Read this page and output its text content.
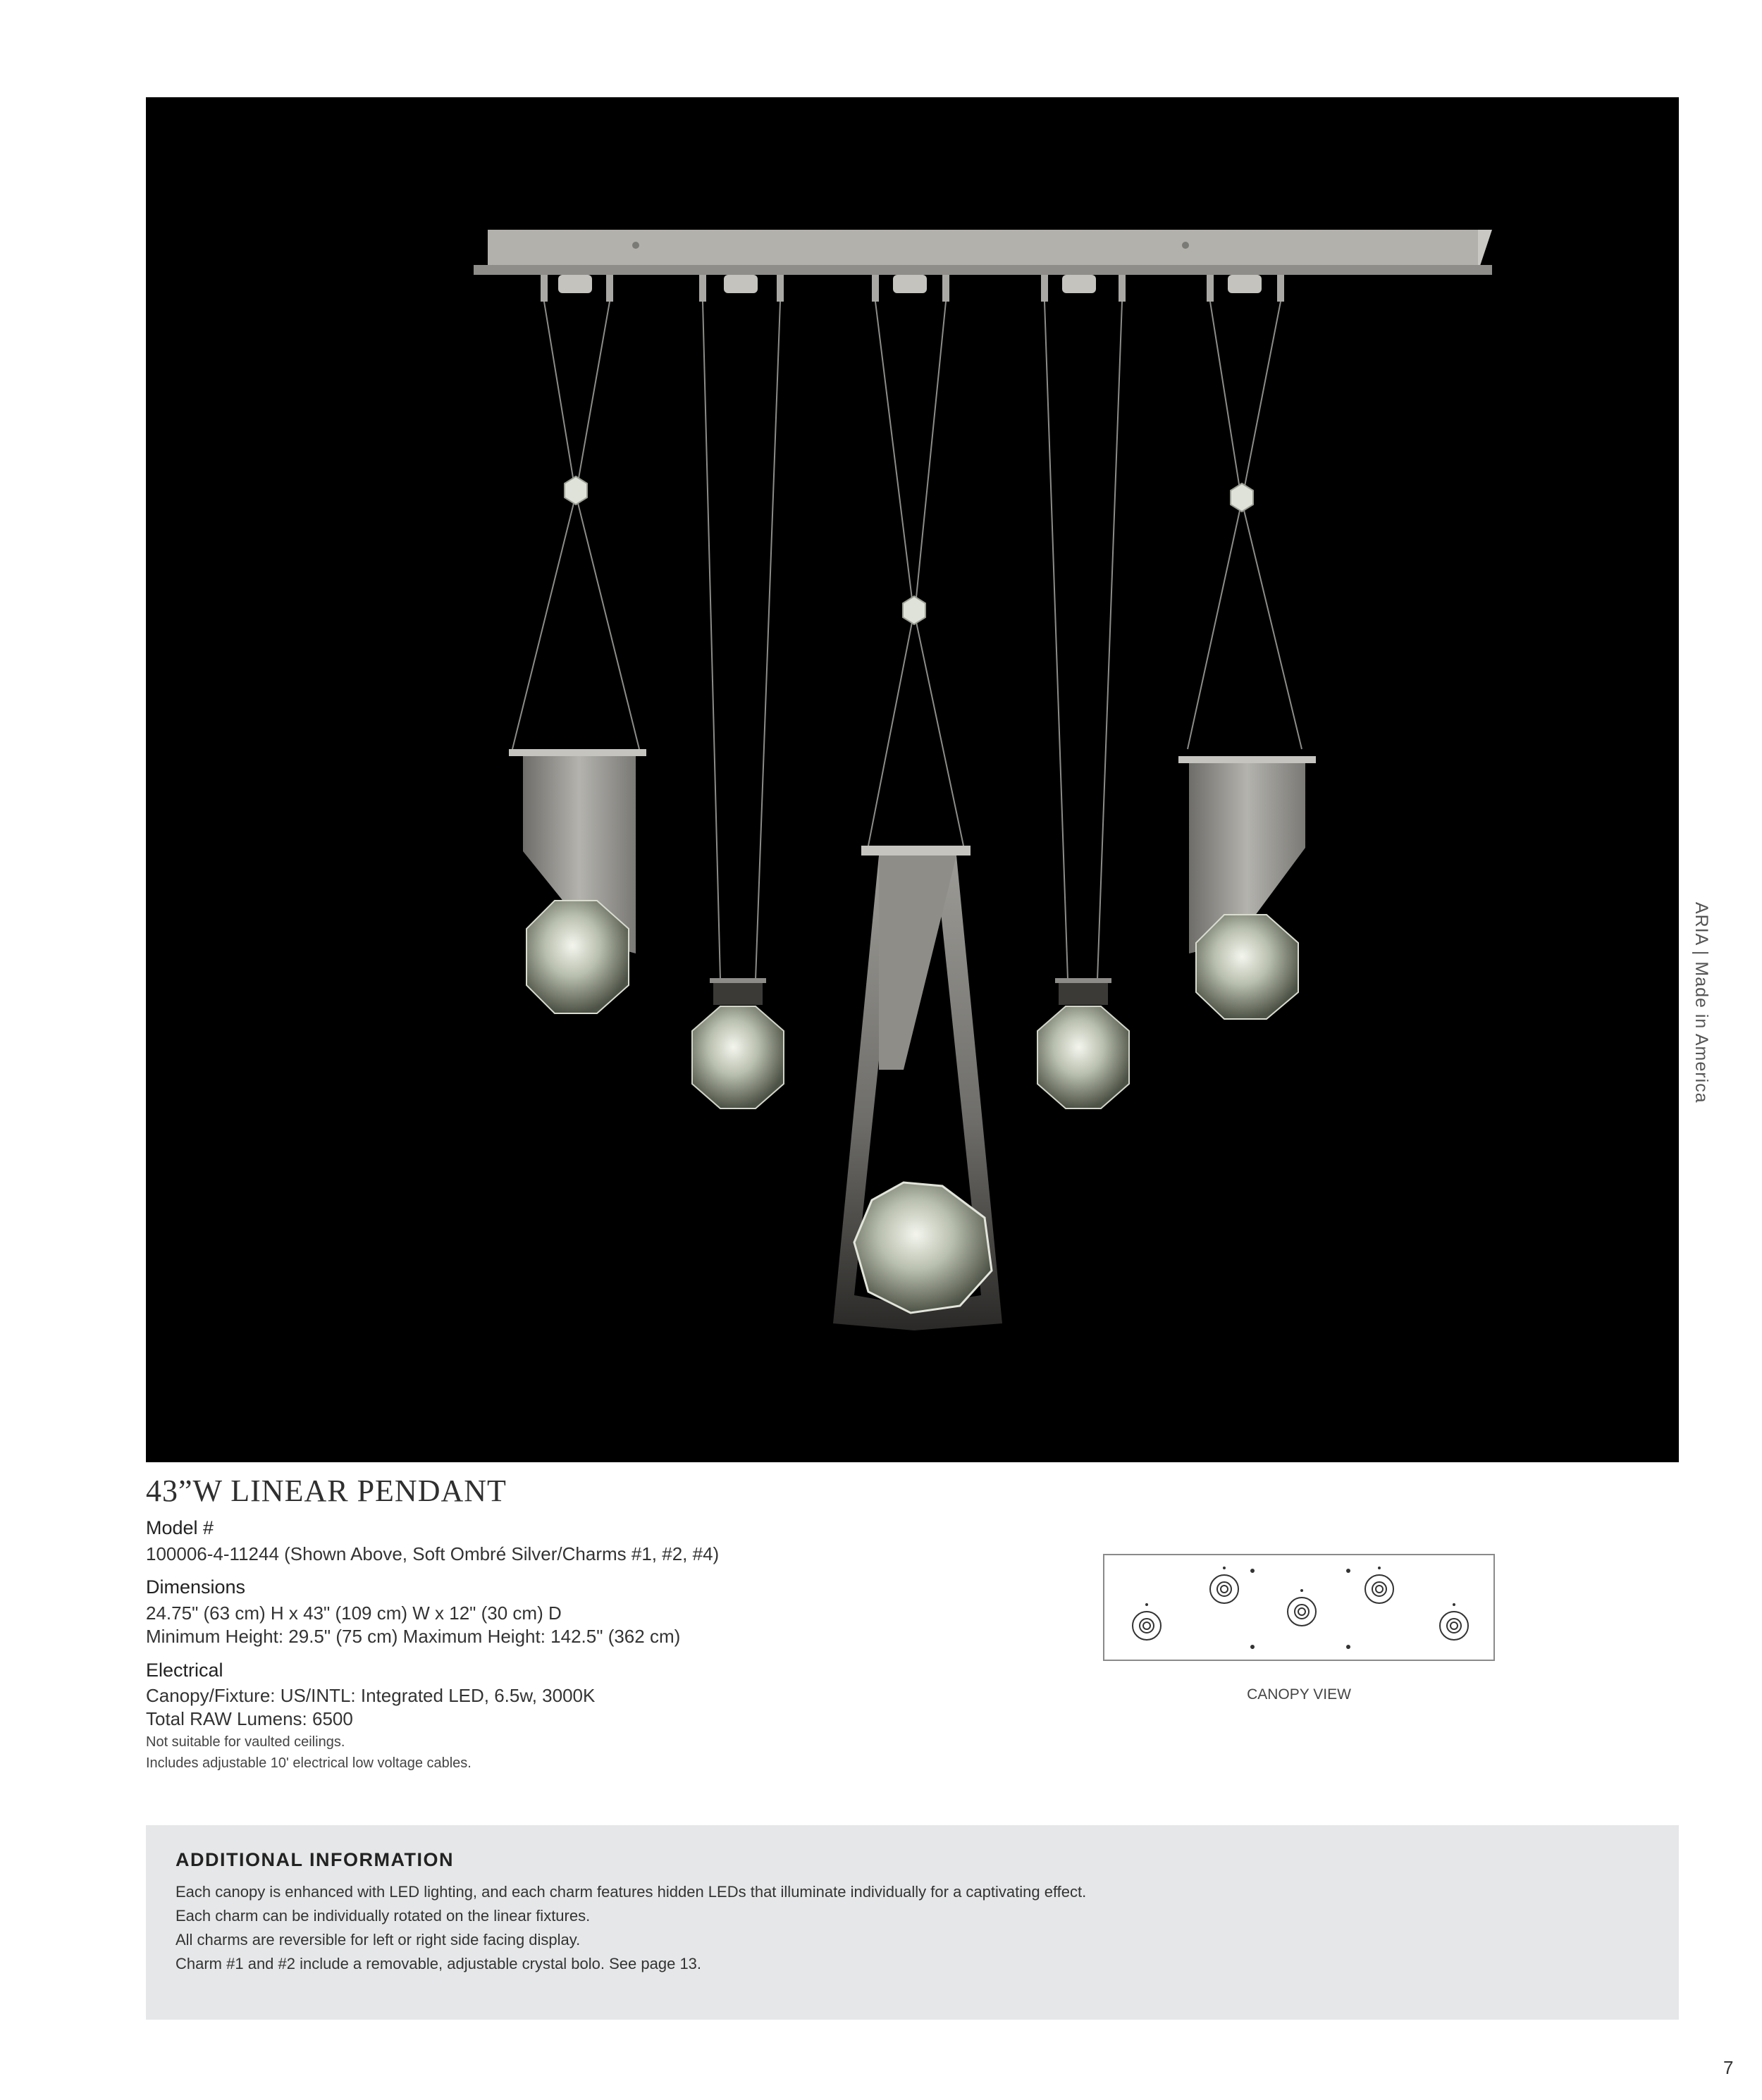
ARIA | Made in America
43”W LINEAR PENDANT
Model #
100006-4-11244 (Shown Above, Soft Ombré Silver/Charms #1, #2, #4)
Dimensions
24.75" (63 cm) H x 43" (109 cm) W x 12" (30 cm) D
Minimum Height: 29.5" (75 cm) Maximum Height: 142.5" (362 cm)
Electrical
Canopy/Fixture: US/INTL: Integrated LED, 6.5w, 3000K
Total RAW Lumens: 6500
Not suitable for vaulted ceilings.
Includes adjustable 10' electrical low voltage cables.
CANOPY VIEW
ADDITIONAL INFORMATION
Each canopy is enhanced with LED lighting, and each charm features hidden LEDs that illuminate individually for a captivating effect.
Each charm can be individually rotated on the linear fixtures.
All charms are reversible for left or right side facing display.
Charm #1 and #2 include a removable, adjustable crystal bolo. See page 13.
7
